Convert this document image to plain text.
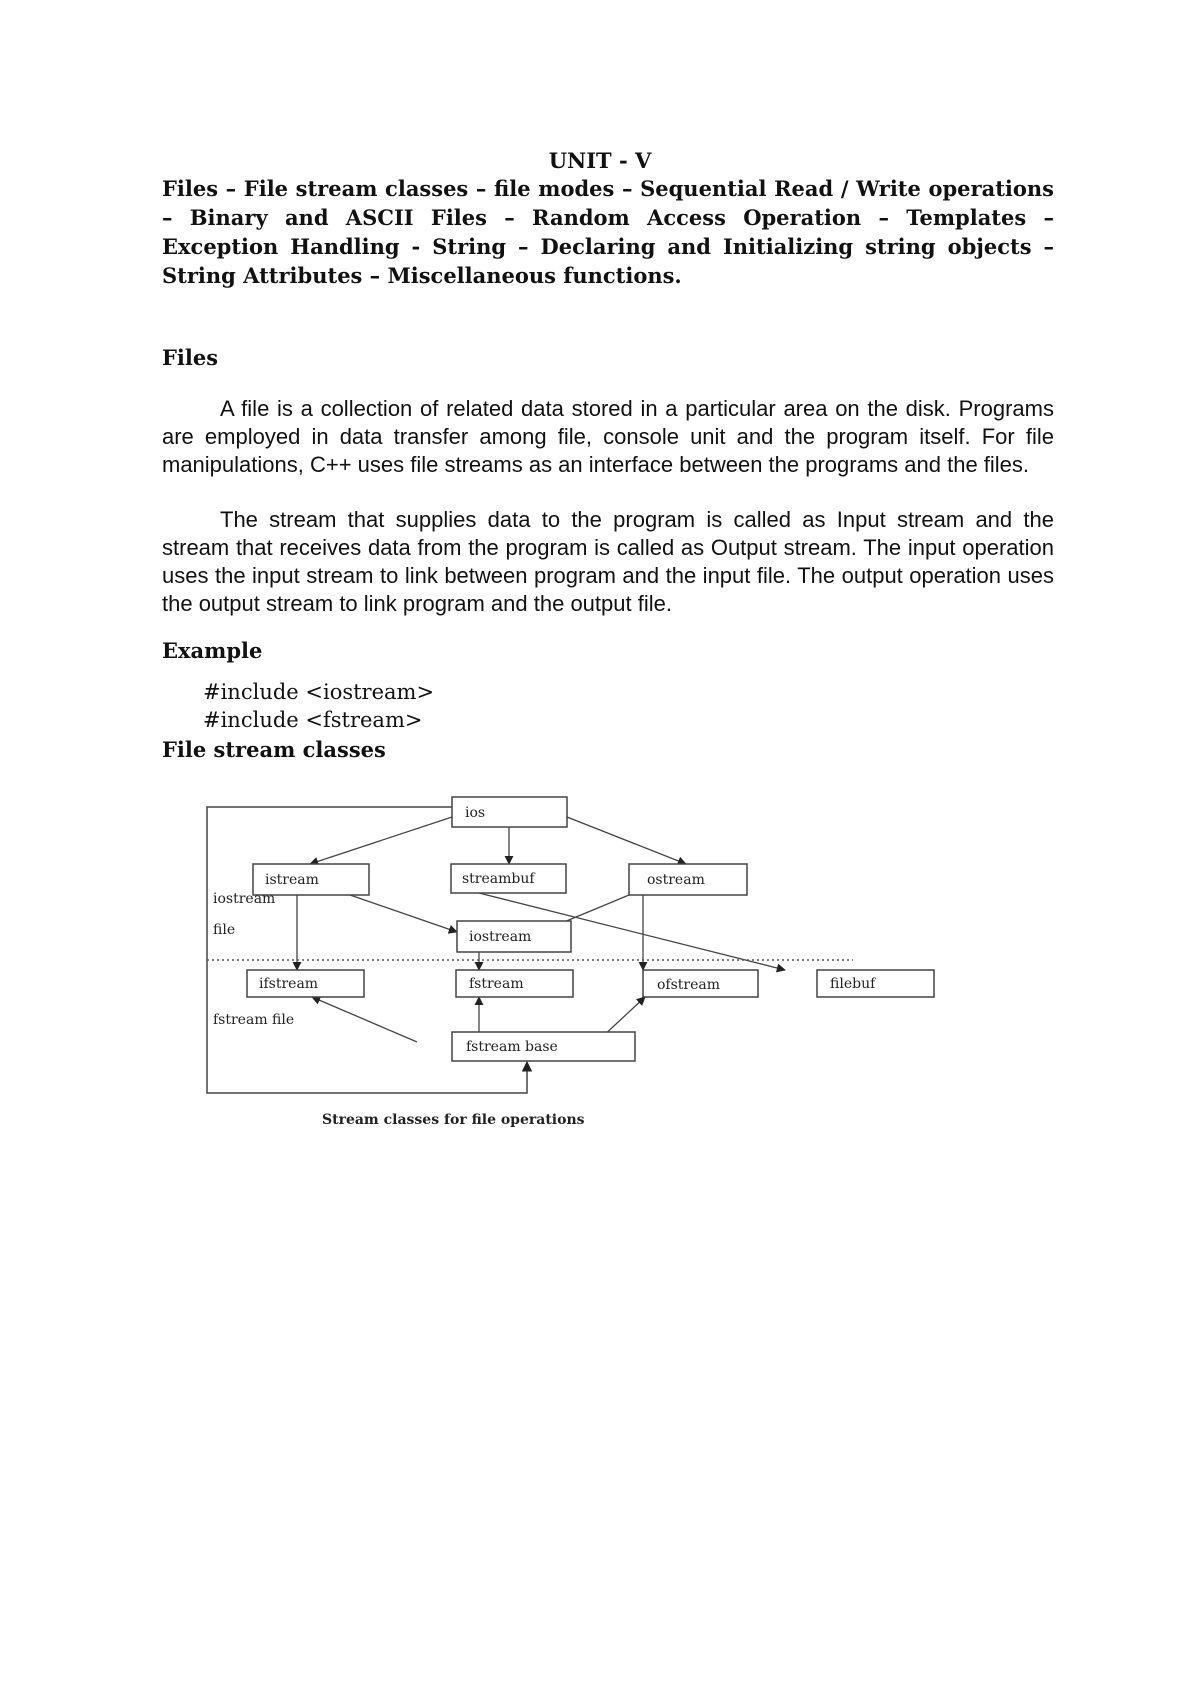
UNIT - V
Files – File stream classes – file modes – Sequential Read / Write operations – Binary and ASCII Files – Random Access Operation – Templates – Exception Handling - String – Declaring and Initializing string objects – String Attributes – Miscellaneous functions.
Files
A file is a collection of related data stored in a particular area on the disk. Programs are employed in data transfer among file, console unit and the program itself. For file manipulations, C++ uses file streams as an interface between the programs and the files.
The stream that supplies data to the program is called as Input stream and the stream that receives data from the program is called as Output stream. The input operation uses the input stream to link between program and the input file. The output operation uses the output stream to link program and the output file.
Example
#include <iostream>
#include <fstream>
File stream classes
ios
istream	streambuf	ostream
iostream
ifstream	fstream	ofstream	filebuf
fstream base
iostream
file
fstream file
Stream classes for file operations
